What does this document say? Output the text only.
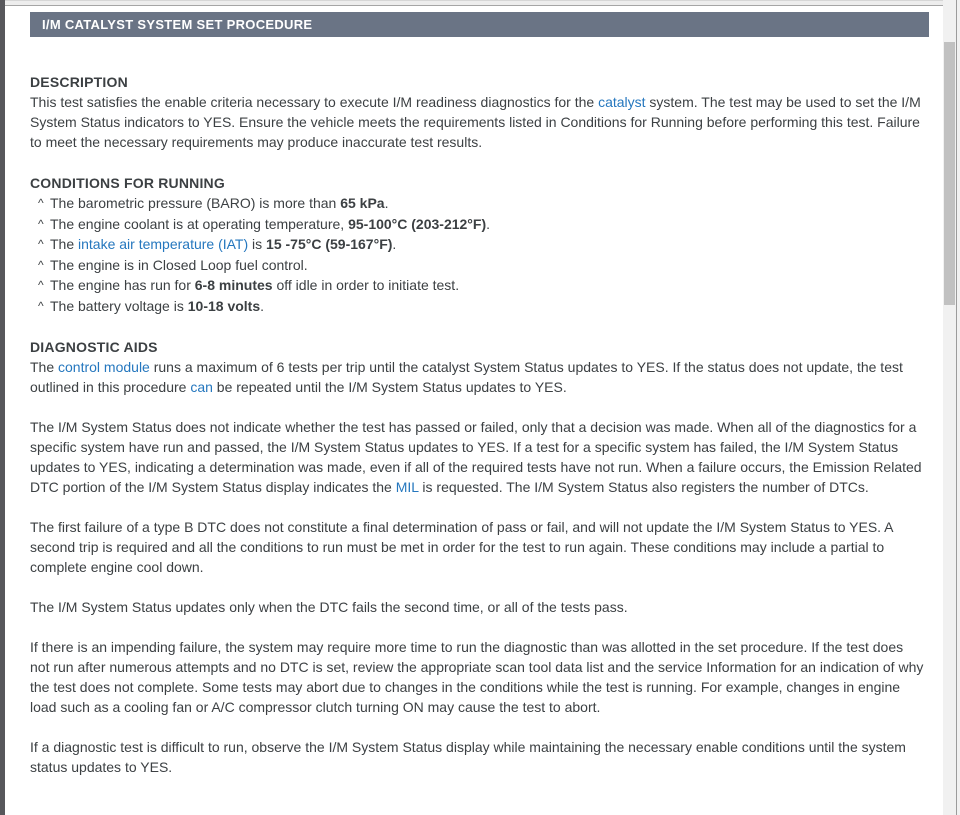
I/M CATALYST SYSTEM SET PROCEDURE
DESCRIPTION

This test satisfies the enable criteria necessary to execute I/M readiness diagnostics for the catalyst system. The test may be used to set the I/M System Status indicators to YES. Ensure the vehicle meets the requirements listed in Conditions for Running before performing this test. Failure to meet the necessary requirements may produce inaccurate test results.

CONDITIONS FOR RUNNING
^ The barometric pressure (BARO) is more than 65 kPa.
^ The engine coolant is at operating temperature, 95-100°C (203-212°F).
^ The intake air temperature (IAT) is 15 -75°C (59-167°F).
^ The engine is in Closed Loop fuel control.
^ The engine has run for 6-8 minutes off idle in order to initiate test.
^ The battery voltage is 10-18 volts.
DIAGNOSTIC AIDS

The control module runs a maximum of 6 tests per trip until the catalyst System Status updates to YES. If the status does not update, the test outlined in this procedure can be repeated until the I/M System Status updates to YES.

The I/M System Status does not indicate whether the test has passed or failed, only that a decision was made. When all of the diagnostics for a specific system have run and passed, the I/M System Status updates to YES. If a test for a specific system has failed, the I/M System Status updates to YES, indicating a determination was made, even if all of the required tests have not run. When a failure occurs, the Emission Related DTC portion of the I/M System Status display indicates the MIL is requested. The I/M System Status also registers the number of DTCs.

The first failure of a type B DTC does not constitute a final determination of pass or fail, and will not update the I/M System Status to YES. A second trip is required and all the conditions to run must be met in order for the test to run again. These conditions may include a partial to complete engine cool down.

The I/M System Status updates only when the DTC fails the second time, or all of the tests pass.

If there is an impending failure, the system may require more time to run the diagnostic than was allotted in the set procedure. If the test does not run after numerous attempts and no DTC is set, review the appropriate scan tool data list and the service Information for an indication of why the test does not complete. Some tests may abort due to changes in the conditions while the test is running. For example, changes in engine load such as a cooling fan or A/C compressor clutch turning ON may cause the test to abort.

If a diagnostic test is difficult to run, observe the I/M System Status display while maintaining the necessary enable conditions until the system status updates to YES.
